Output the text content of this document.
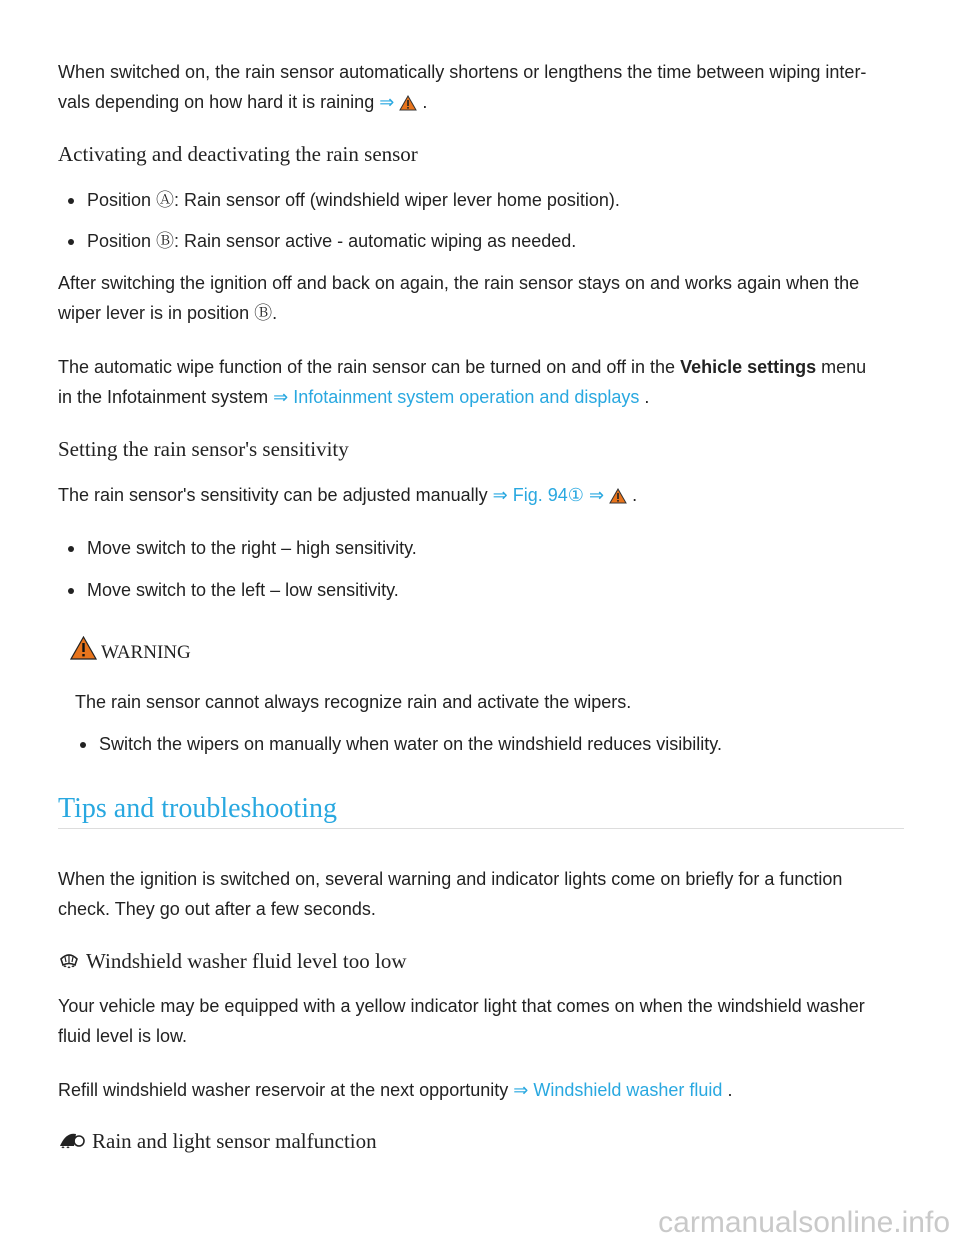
When switched on, the rain sensor automatically shortens or lengthens the time between wiping inter-
vals depending on how hard it is raining ⇒ .

Activating and deactivating the rain sensor

Position Ⓐ: Rain sensor off (windshield wiper lever home position).

Position Ⓑ: Rain sensor active - automatic wiping as needed.

After switching the ignition off and back on again, the rain sensor stays on and works again when the
wiper lever is in position Ⓑ.

The automatic wipe function of the rain sensor can be turned on and off in the Vehicle settings menu
in the Infotainment system ⇒ Infotainment system operation and displays .

Setting the rain sensor's sensitivity

The rain sensor's sensitivity can be adjusted manually ⇒ Fig. 94① ⇒ .

Move switch to the right – high sensitivity.

Move switch to the left – low sensitivity.

WARNING

The rain sensor cannot always recognize rain and activate the wipers.

Switch the wipers on manually when water on the windshield reduces visibility.

Tips and troubleshooting

When the ignition is switched on, several warning and indicator lights come on briefly for a function
check. They go out after a few seconds.

Windshield washer fluid level too low

Your vehicle may be equipped with a yellow indicator light that comes on when the windshield washer
fluid level is low.

Refill windshield washer reservoir at the next opportunity ⇒ Windshield washer fluid .

Rain and light sensor malfunction
carmanualsonline.info
